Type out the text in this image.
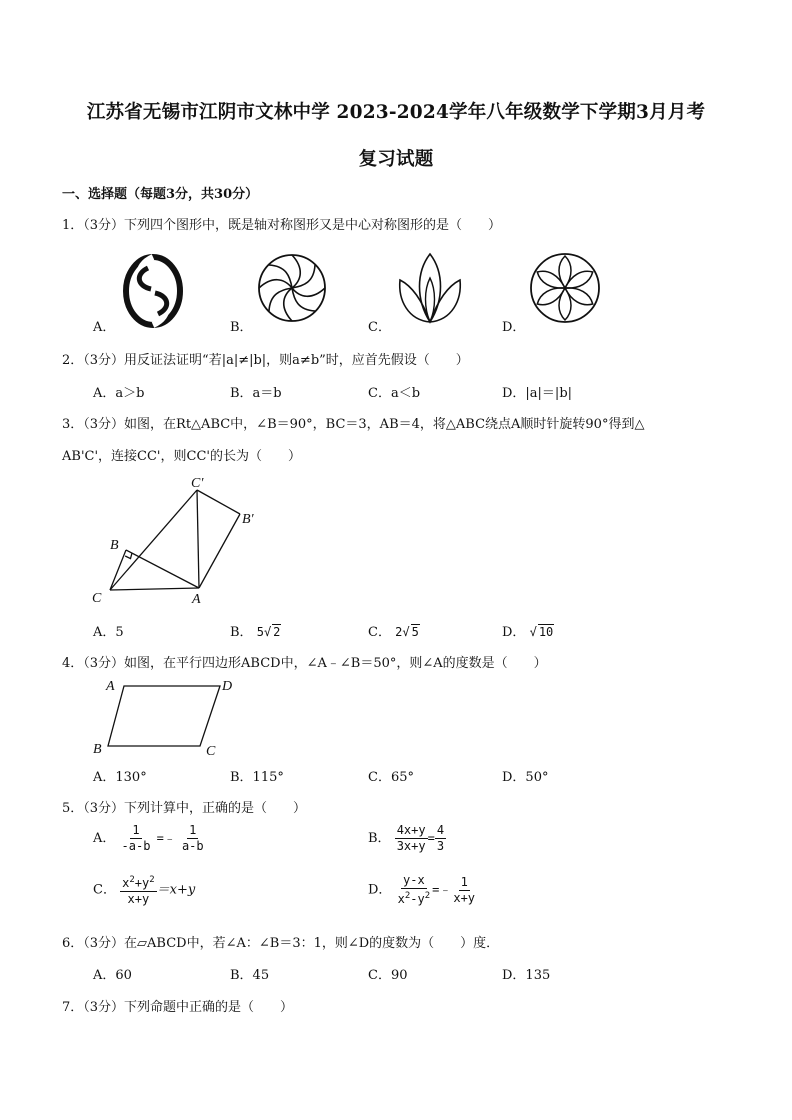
江苏省无锡市江阴市文林中学 2023-2024学年八年级数学下学期3月月考
复习试题
一、选择题（每题3分，共30分）
1．（3分）下列四个图形中，既是轴对称图形又是中心对称图形的是（　　）
A．	B．	C．	D．
2．（3分）用反证法证明“若|a|≠|b|，则a≠b”时，应首先假设（　　）
A．a＞b	B．a＝b	C．a＜b	D．|a|＝|b|
3．（3分）如图，在Rt△ABC中，∠B＝90°，BC＝3，AB＝4，将△ABC绕点A顺时针旋转90°得到△
AB'C'，连接CC'，则CC'的长为（　　）
C′
B′
B
C	A
A．5	B． 5√ 2	C． 2√ 5	D． √ 10
4．（3分）如图，在平行四边形ABCD中，∠A﹣∠B＝50°，则∠A的度数是（　　）
A	D
B	C
A．130°	B．115°	C．65°	D．50°
5．（3分）下列计算中，正确的是（　　）
A． $\frac{1}{-a-b}$ =﹣ $\frac{1}{a-b}$	B． $\frac{4x+y}{3x+y} = \frac{4}{3}$
C． $\frac{x^2+y^2}{x+y} =x+y$	D． $\frac{y-x}{x^2-y^2}$ =﹣ $\frac{1}{x+y}$
6．（3分）在▱ABCD中，若∠A：∠B＝3：1，则∠D的度数为（　　）度．
A．60	B．45	C．90	D．135
7．（3分）下列命题中正确的是（　　）
